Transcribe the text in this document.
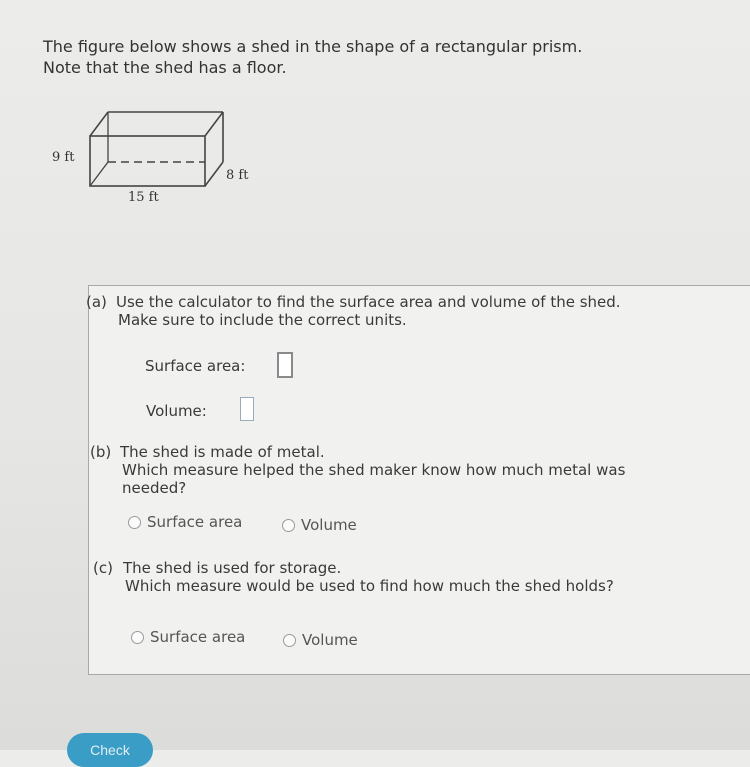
The figure below shows a shed in the shape of a rectangular prism.

Note that the shed has a floor.

9 ft
8 ft
15 ft
(a) Use the calculator to find the surface area and volume of the shed.
Make sure to include the correct units.
Surface area:
Volume:
(b) The shed is made of metal.
Which measure helped the shed maker know how much metal was
needed?
Surface area	Volume
(c) The shed is used for storage.
Which measure would be used to find how much the shed holds?
Surface area	Volume
Check
